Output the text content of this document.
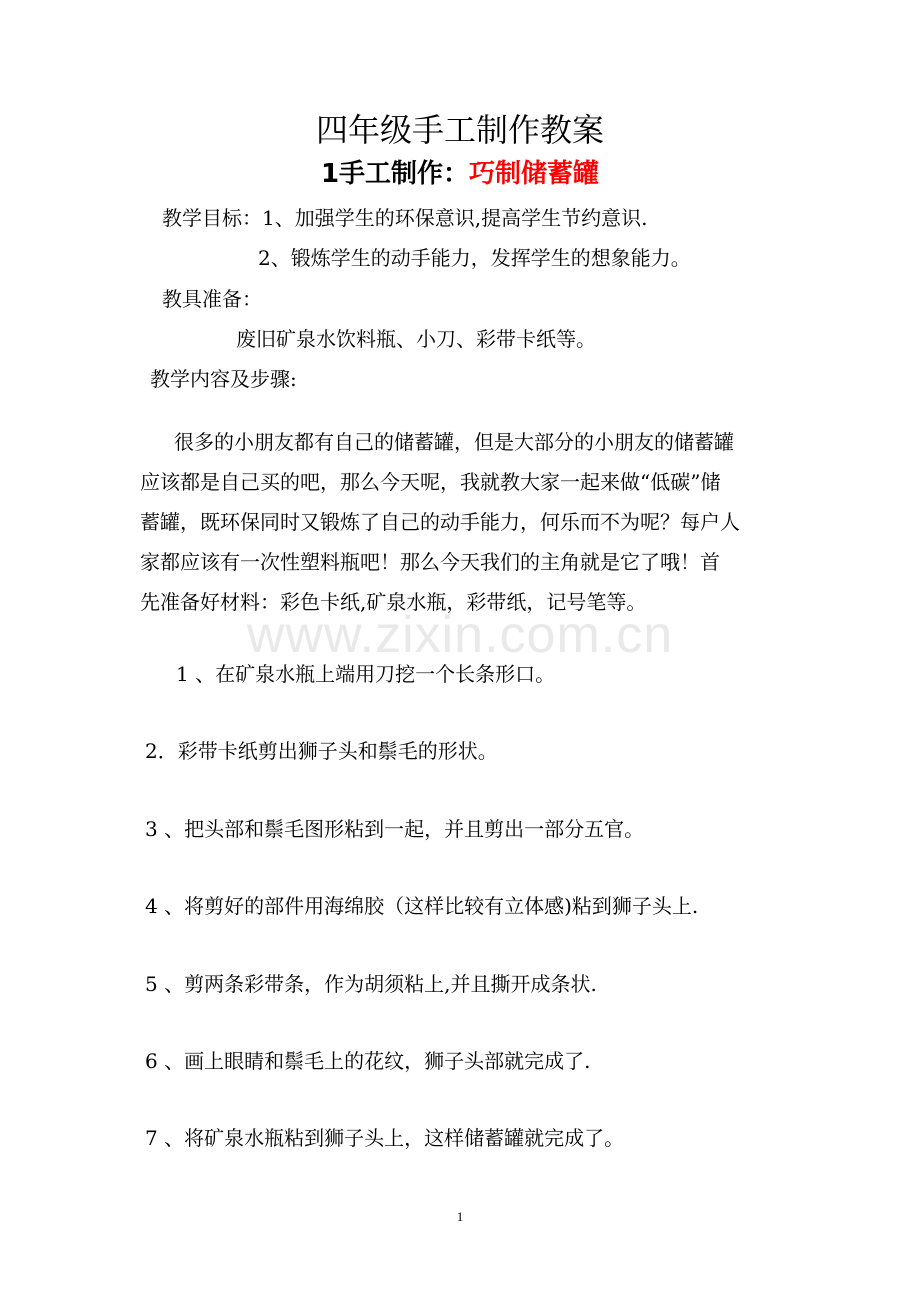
www.zixin.com.cn
四年级手工制作教案
1手工制作：巧制储蓄罐
教学目标：1、加强学生的环保意识,提高学生节约意识.
2、锻炼学生的动手能力，发挥学生的想象能力。
教具准备：
废旧矿泉水饮料瓶、小刀、彩带卡纸等。
教学内容及步骤:
很多的小朋友都有自己的储蓄罐，但是大部分的小朋友的储蓄罐
应该都是自己买的吧，那么今天呢，我就教大家一起来做“低碳”储
蓄罐，既环保同时又锻炼了自己的动手能力，何乐而不为呢？每户人
家都应该有一次性塑料瓶吧！那么今天我们的主角就是它了哦！首
先准备好材料：彩色卡纸,矿泉水瓶，彩带纸，记号笔等。
1 、在矿泉水瓶上端用刀挖一个长条形口。
2．彩带卡纸剪出狮子头和鬃毛的形状。
3 、把头部和鬃毛图形粘到一起，并且剪出一部分五官。
4 、将剪好的部件用海绵胶（这样比较有立体感)粘到狮子头上.
5 、剪两条彩带条，作为胡须粘上,并且撕开成条状.
6 、画上眼睛和鬃毛上的花纹，狮子头部就完成了.
7 、将矿泉水瓶粘到狮子头上，这样储蓄罐就完成了。
1
